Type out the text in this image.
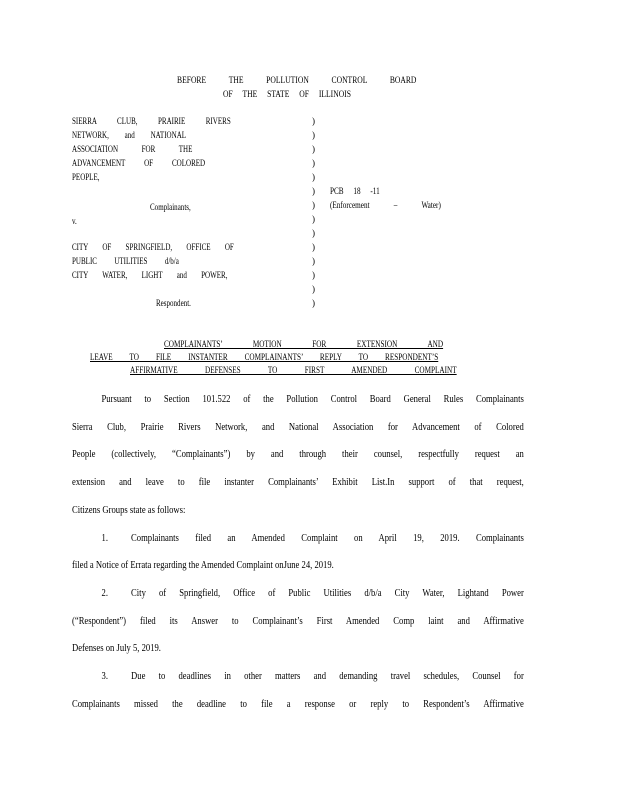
BEFORE THE POLLUTION CONTROL BOARD
OF THE STATE OF ILLINOIS
SIERRA CLUB, PRAIRIE RIVERS
NETWORK, and NATIONAL
ASSOCIATION FOR THE
ADVANCEMENT OF COLORED
PEOPLE,
Complainants,
v.
CITY OF SPRINGFIELD, OFFICE OF
PUBLIC UTILITIES d/b/a
CITY WATER, LIGHT and POWER,
Respondent.
)
)
)
)
)
)
)
)
)
)
)
)
)
)
PCB 18 -11
(Enforcement – Water)
COMPLAINANTS’ MOTION FOR EXTENSION AND
LEAVE TO FILE INSTANTER COMPLAINANTS’ REPLY TO RESPONDENT’S
AFFIRMATIVE DEFENSES TO FIRST AMENDED COMPLAINT

Pursuant to Section 101.522 of the Pollution Control Board General Rules Complainants

Sierra Club, Prairie Rivers Network, and National Association for Advancement of Colored

People (collectively, “Complainants”) by and through their counsel, respectfully request an

extension and leave to file instanter Complainants’ Exhibit List.In support of that request,

Citizens Groups state as follows:

1. Complainants filed an Amended Complaint on April 19, 2019. Complainants

filed a Notice of Errata regarding the Amended Complaint onJune 24, 2019.

2. City of Springfield, Office of Public Utilities d/b/a City Water, Lightand Power

(“Respondent”) filed its Answer to Complainant’s First Amended Comp laint and Affirmative

Defenses on July 5, 2019.

3. Due to deadlines in other matters and demanding travel schedules, Counsel for

Complainants missed the deadline to file a response or reply to Respondent’s Affirmative
